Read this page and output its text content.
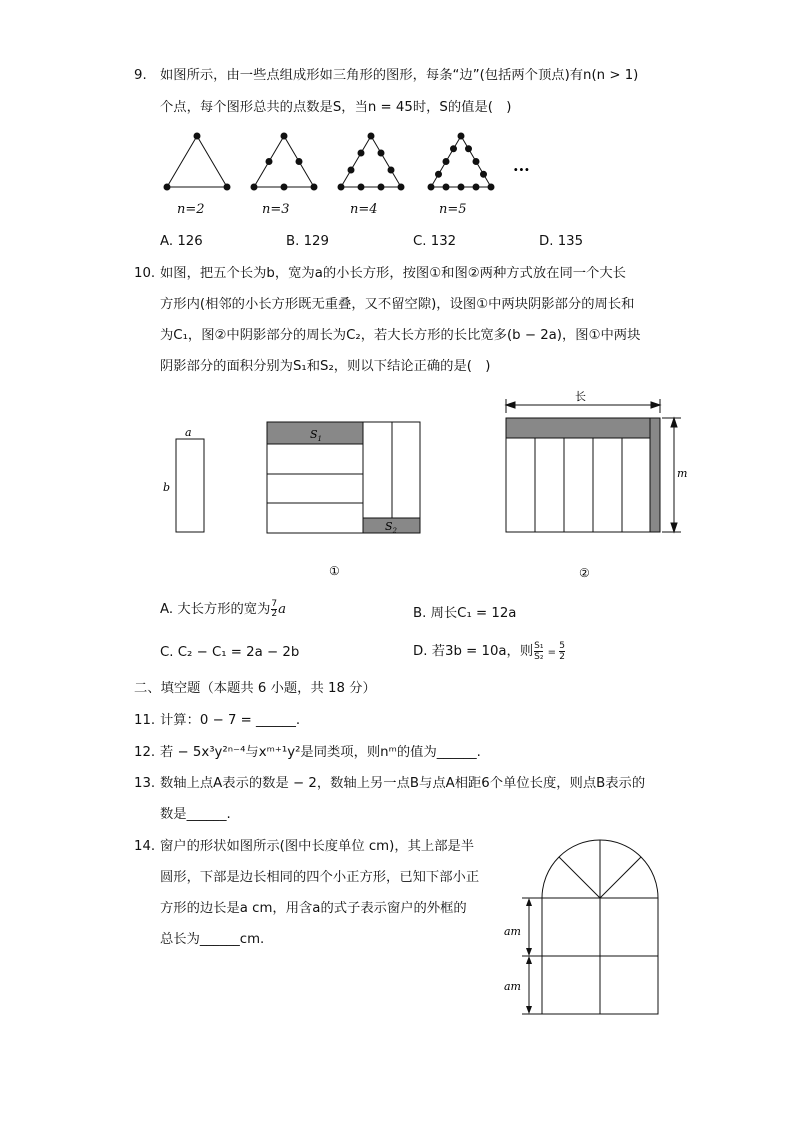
9. 如图所示，由一些点组成形如三角形的图形，每条“边”(包括两个顶点)有n(n > 1)
个点，每个图形总共的点数是S，当n = 45时，S的值是(　)
···
n=2	n=3	n=4	n=5
A. 126	B. 129	C. 132	D. 135
10. 如图，把五个长为b，宽为a的小长方形，按图①和图②两种方式放在同一个大长
方形内(相邻的小长方形既无重叠，又不留空隙)，设图①中两块阴影部分的周长和
为C₁，图②中阴影部分的周长为C₂，若大长方形的长比宽多(b − 2a)，图①中两块
阴影部分的面积分别为S₁和S₂，则以下结论正确的是(　)
a
b
$S_1$
$S_2$
①
长
m
②
A. 大长方形的宽为 $\frac{7}{2}$ a	B. 周长C₁ = 12a
C. C₂ − C₁ = 2a − 2b	D. 若3b = 10a，则 $\frac{\text{S₁}}{\text{S₂}} = \frac{5}{2}$
二、填空题（本题共 6 小题，共 18 分）
11. 计算：0 − 7 = ______.
12. 若 − 5x³y²ⁿ⁻⁴与xᵐ⁺¹y²是同类项，则nᵐ的值为______.
13. 数轴上点A表示的数是 − 2，数轴上另一点B与点A相距6个单位长度，则点B表示的
数是______.
14. 窗户的形状如图所示(图中长度单位 cm)，其上部是半
圆形，下部是边长相同的四个小正方形，已知下部小正
方形的边长是a cm，用含a的式子表示窗户的外框的
总长为______cm.
am
am
